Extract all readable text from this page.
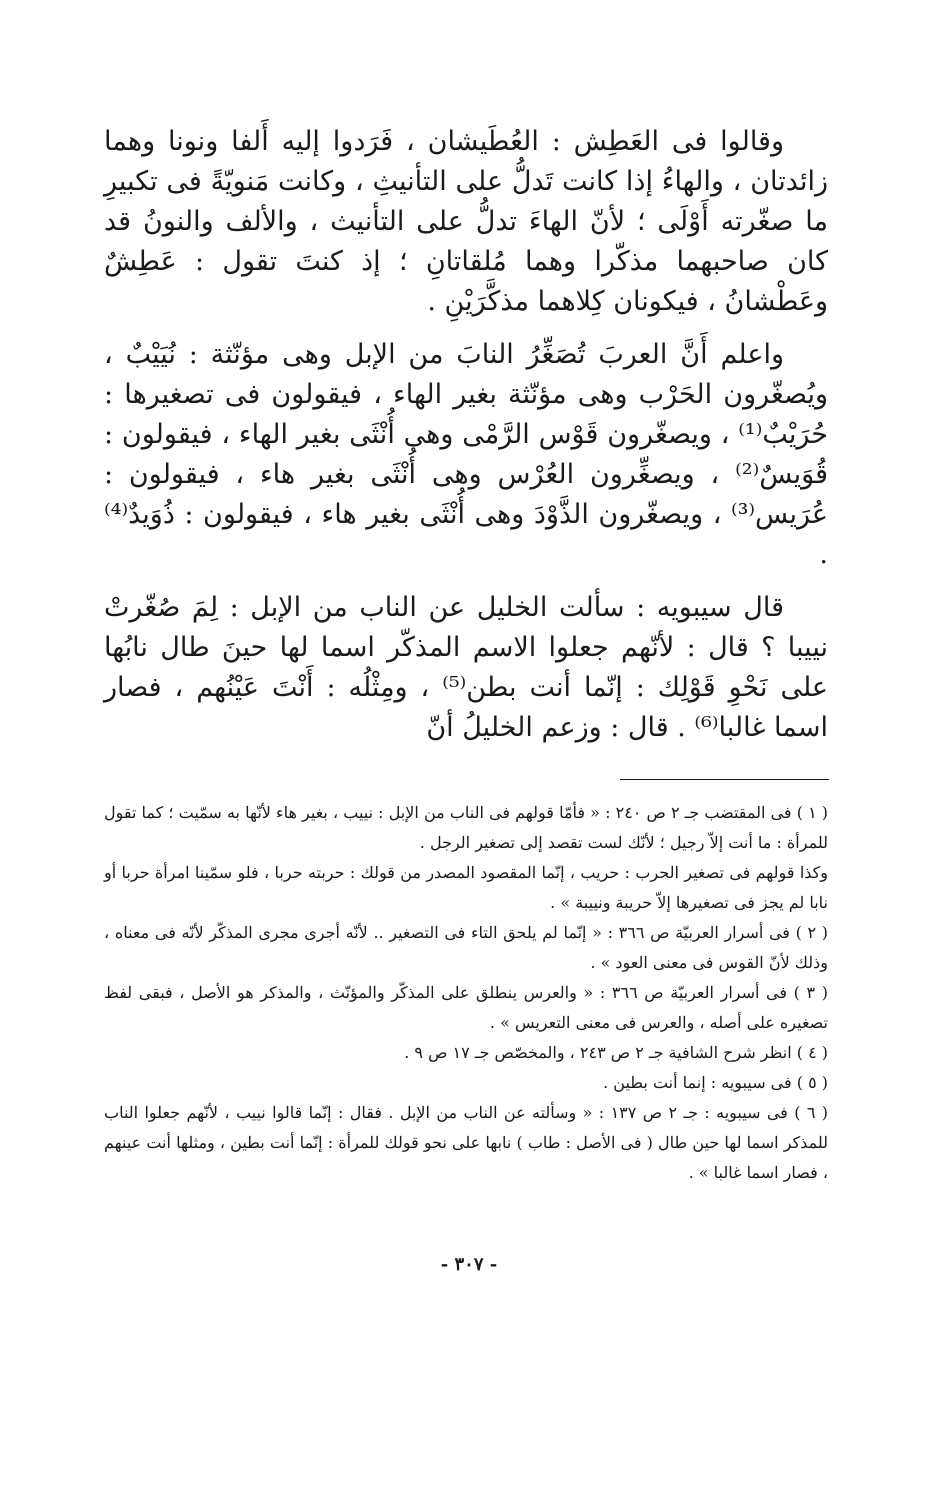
وقالوا فى العَطِش : العُطَيشان ، فَرَدوا إليه أَلفا ونونا وهما زائدتان ، والهاءُ إذا كانت تَدلُّ على التأنيثِ ، وكانت مَنويّةً فى تكبيرِ ما صغّرته أَوْلَى ؛ لأنّ الهاءَ تدلُّ على التأنيث ، والألف والنونُ قد كان صاحبهما مذكّرا وهما مُلقاتانِ ؛ إذ كنتَ تقول : عَطِشٌ وعَطْشانُ ، فيكونان كِلاهما مذكَّرَيْنِ .

واعلم أَنَّ العربَ تُصَغِّرُ النابَ من الإبل وهى مؤنّثة : نُيَيْبٌ ، ويُصغّرون الحَرْب وهى مؤنّثة بغير الهاء ، فيقولون فى تصغيرها : حُرَيْبٌ⁽¹⁾ ، ويصغّرون قَوْس الرَّمْى وهى أُنْثَى بغير الهاء ، فيقولون : قُوَيسٌ⁽²⁾ ، ويصغِّرون العُرْس وهى أُنْثَى بغير هاء ، فيقولون : عُرَيس⁽³⁾ ، ويصغّرون الذَّوْدَ وهى أُنْثَى بغير هاء ، فيقولون : ذُوَيدٌ⁽⁴⁾ .

قال سيبويه : سألت الخليل عن الناب من الإبل : لِمَ صُغّرتْ نييبا ؟ قال : لأنّهم جعلوا الاسم المذكّر اسما لها حينَ طال نابُها على نَحْوِ قَوْلِك : إنّما أنت بطن⁽⁵⁾ ، ومِثْلُه : أَنْتَ عَيْنُهم ، فصار اسما غالبا⁽⁶⁾ . قال : وزعم الخليلُ أنّ

( ١ ) فى المقتضب جـ ٢ ص ٢٤٠ : « فأمّا قولهم فى الناب من الإبل : نييب ، بغير هاء لأنّها به سمّيت ؛ كما تقول للمرأة : ما أنت إلاّ رجيل ؛ لأنّك لست تقصد إلى تصغير الرجل .

وكذا قولهم فى تصغير الحرب : حريب ، إنّما المقصود المصدر من قولك : حربته حربا ، فلو سمّينا امرأة حربا أو نابا لم يجز فى تصغيرها إلاّ حريبة ونييبة » .

( ٢ ) فى أسرار العربيّة ص ٣٦٦ : « إنّما لم يلحق التاء فى التصغير .. لأنّه أجرى مجرى المذكّر لأنّه فى معناه ، وذلك لأنّ القوس فى معنى العود » .

( ٣ ) فى أسرار العربيّة ص ٣٦٦ : « والعرس ينطلق على المذكّر والمؤنّث ، والمذكر هو الأصل ، فبقى لفظ تصغيره على أصله ، والعرس فى معنى التعريس » .

( ٤ ) انظر شرح الشافية جـ ٢ ص ٢٤٣ ، والمخصّص جـ ١٧ ص ٩ .

( ٥ ) فى سيبويه : إنما أنت بطين .

( ٦ ) فى سيبويه : جـ ٢ ص ١٣٧ : « وسألته عن الناب من الإبل . فقال : إنّما قالوا نييب ، لأنّهم جعلوا الناب للمذكر اسما لها حين طال ( فى الأصل : طاب ) نابها على نحو قولك للمرأة : إنّما أنت بطين ، ومثلها أنت عينهم ، فصار اسما غالبا » .

- ٣٠٧ -
